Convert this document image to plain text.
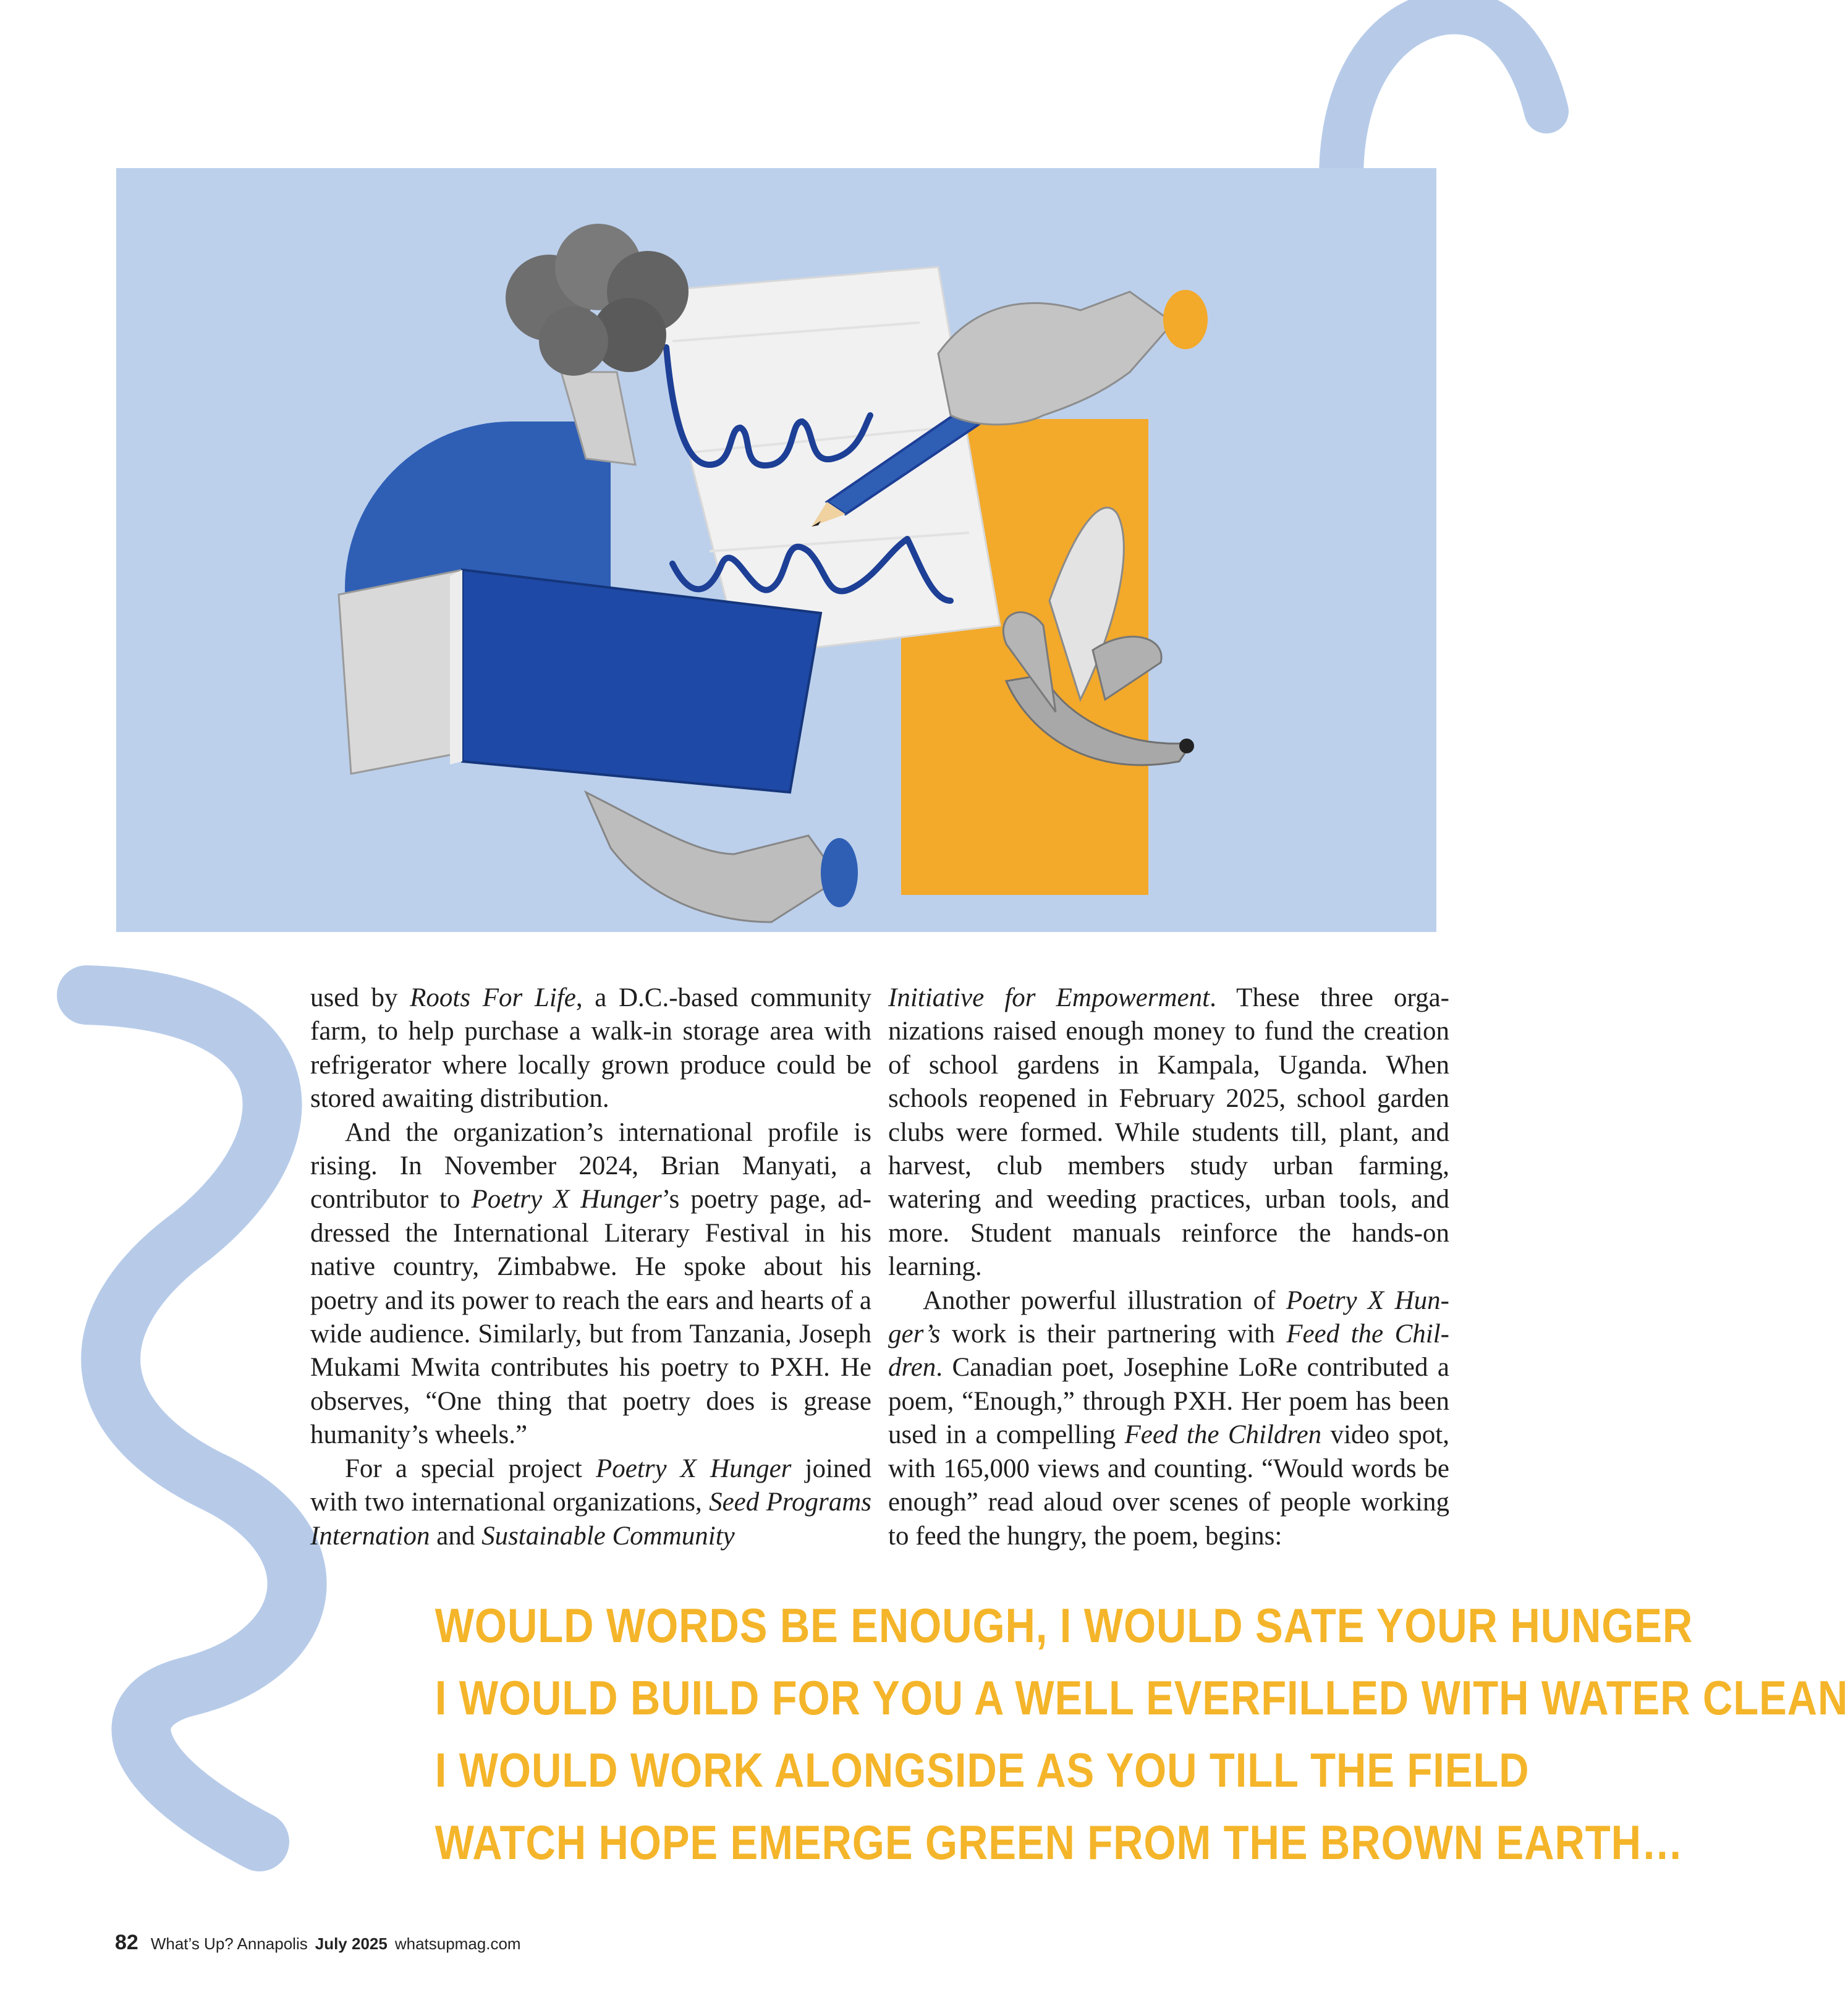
used by Roots For Life, a D.C.-based community farm, to help purchase a walk-in storage area with refrigerator where locally grown produce could be stored awaiting distribution.

And the organization’s international profile is rising. In November 2024, Brian Manyati, a contributor to Poetry X Hunger’s poetry page, addressed the International Literary Festival in his native country, Zimbabwe. He spoke about his poetry and its power to reach the ears and hearts of a wide audience. Similarly, but from Tanzania, Joseph Mukami Mwita contributes his poetry to PXH. He observes, “One thing that poetry does is grease humanity’s wheels.”

For a special project Poetry X Hunger joined with two international organizations, Seed Programs Internation and Sustainable Community

Initiative for Empowerment. These three organizations raised enough money to fund the creation of school gardens in Kampala, Uganda. When schools reopened in February 2025, school garden clubs were formed. While students till, plant, and harvest, club members study urban farming, watering and weeding practices, urban tools, and more. Student manuals reinforce the hands-on learning.

Another powerful illustration of Poetry X Hunger’s work is their partnering with Feed the Children. Canadian poet, Josephine LoRe contributed a poem, “Enough,” through PXH. Her poem has been used in a compelling Feed the Children video spot, with 165,000 views and counting. “Would words be enough” read aloud over scenes of people working to feed the hungry, the poem, begins:

WOULD WORDS BE ENOUGH, I WOULD SATE YOUR HUNGER
I WOULD BUILD FOR YOU A WELL EVERFILLED WITH WATER CLEAN
I WOULD WORK ALONGSIDE AS YOU TILL THE FIELD
WATCH HOPE EMERGE GREEN FROM THE BROWN EARTH…
82 What’s Up? Annapolis July 2025 whatsupmag.com
